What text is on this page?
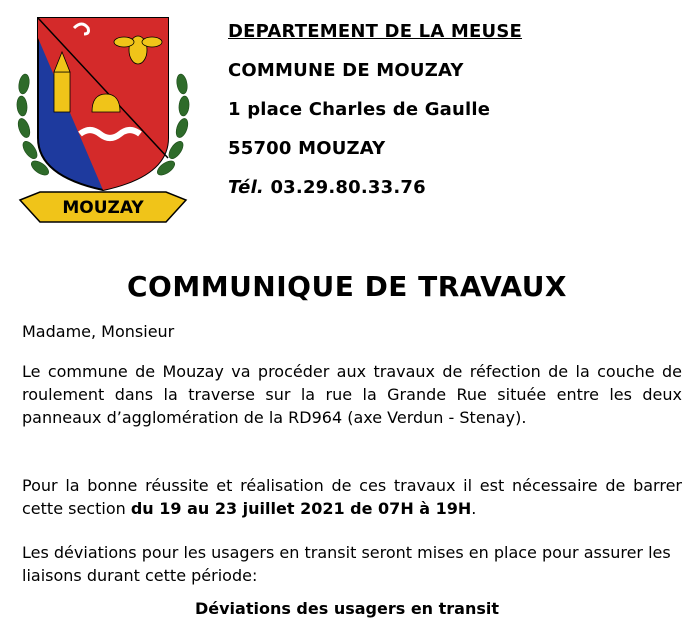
MOUZAY
DEPARTEMENT DE LA MEUSE
COMMUNE DE MOUZAY
1 place Charles de Gaulle
55700 MOUZAY
Tél. 03.29.80.33.76
COMMUNIQUE DE TRAVAUX
Madame, Monsieur
Le commune de Mouzay va procéder aux travaux de réfection de la couche de roulement dans la traverse sur la rue la Grande Rue située entre les deux panneaux d’agglomération de la RD964 (axe Verdun - Stenay).
Pour la bonne réussite et réalisation de ces travaux il est nécessaire de barrer cette section du 19 au 23 juillet 2021 de 07H à 19H.
Les déviations pour les usagers en transit seront mises en place pour assurer les liaisons durant cette période:
Déviations des usagers en transit
